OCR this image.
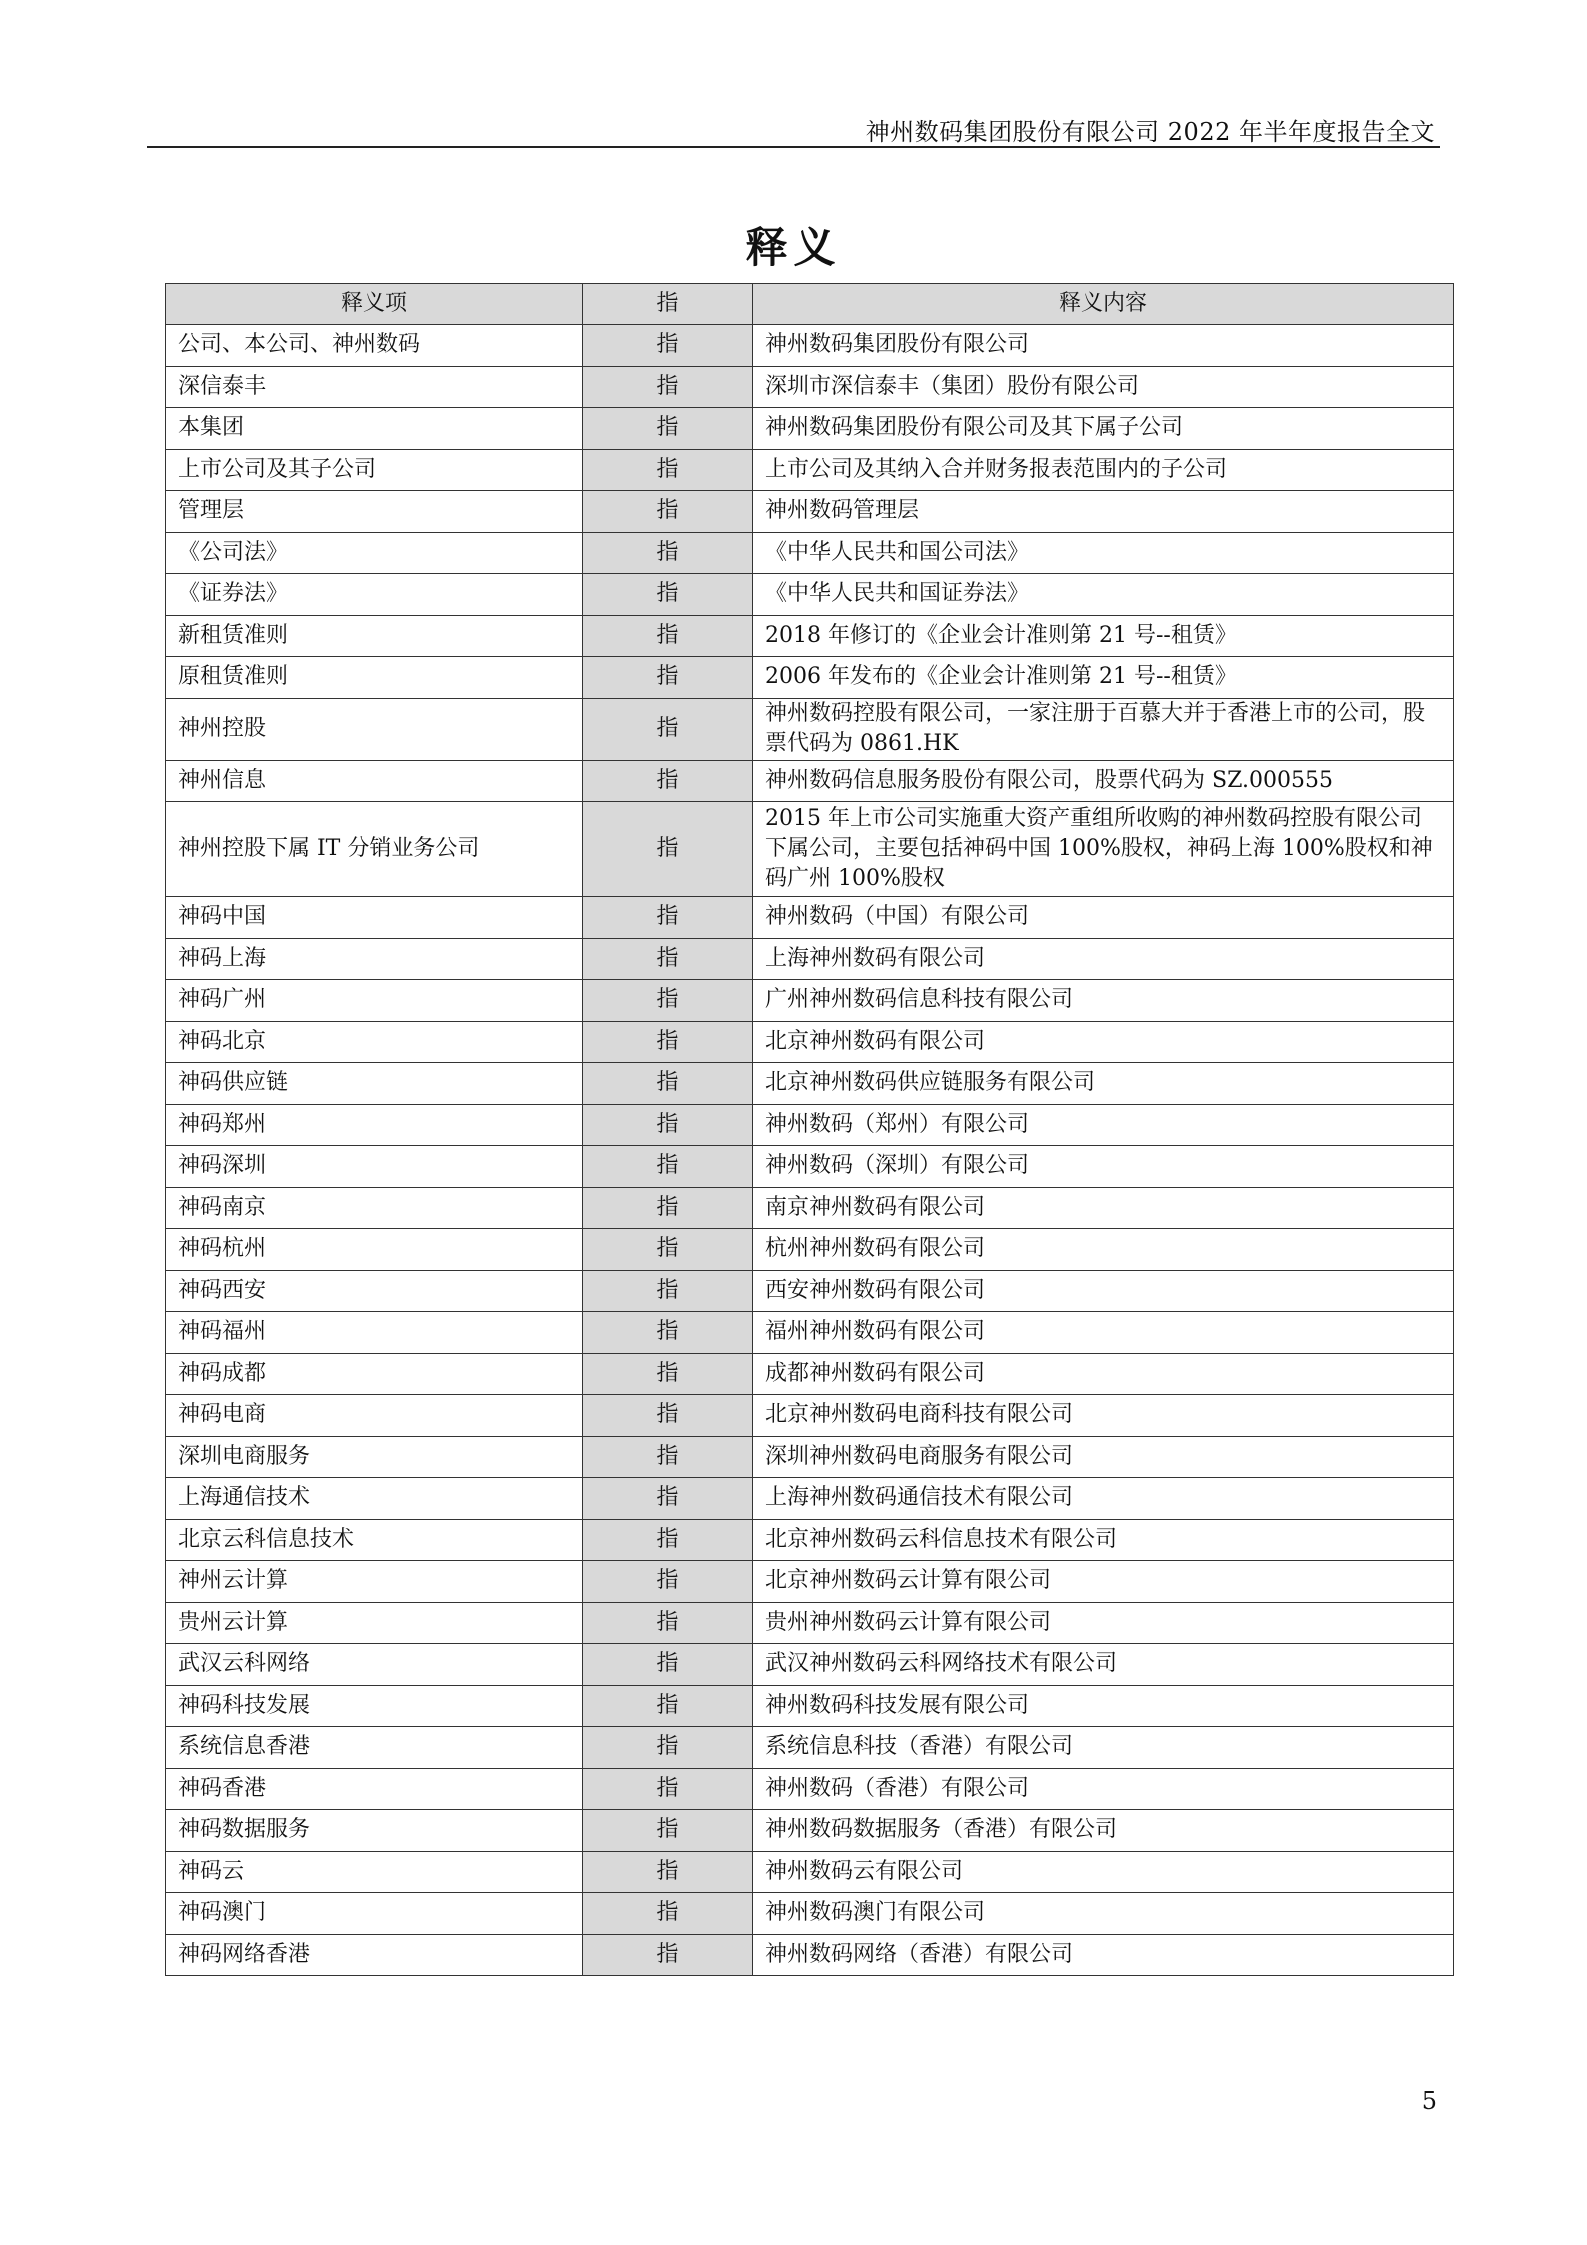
神州数码集团股份有限公司 2022 年半年度报告全文
释义
释义项	指	释义内容
公司、本公司、神州数码	指	神州数码集团股份有限公司
深信泰丰	指	深圳市深信泰丰（集团）股份有限公司
本集团	指	神州数码集团股份有限公司及其下属子公司
上市公司及其子公司	指	上市公司及其纳入合并财务报表范围内的子公司
管理层	指	神州数码管理层
《公司法》	指	《中华人民共和国公司法》
《证券法》	指	《中华人民共和国证券法》
新租赁准则	指	2018 年修订的《企业会计准则第 21 号--租赁》
原租赁准则	指	2006 年发布的《企业会计准则第 21 号--租赁》
神州控股	指	神州数码控股有限公司，一家注册于百慕大并于香港上市的公司，股票代码为 0861.HK
神州信息	指	神州数码信息服务股份有限公司，股票代码为 SZ.000555
神州控股下属 IT 分销业务公司	指	2015 年上市公司实施重大资产重组所收购的神州数码控股有限公司下属公司，主要包括神码中国 100%股权，神码上海 100%股权和神码广州 100%股权
神码中国	指	神州数码（中国）有限公司
神码上海	指	上海神州数码有限公司
神码广州	指	广州神州数码信息科技有限公司
神码北京	指	北京神州数码有限公司
神码供应链	指	北京神州数码供应链服务有限公司
神码郑州	指	神州数码（郑州）有限公司
神码深圳	指	神州数码（深圳）有限公司
神码南京	指	南京神州数码有限公司
神码杭州	指	杭州神州数码有限公司
神码西安	指	西安神州数码有限公司
神码福州	指	福州神州数码有限公司
神码成都	指	成都神州数码有限公司
神码电商	指	北京神州数码电商科技有限公司
深圳电商服务	指	深圳神州数码电商服务有限公司
上海通信技术	指	上海神州数码通信技术有限公司
北京云科信息技术	指	北京神州数码云科信息技术有限公司
神州云计算	指	北京神州数码云计算有限公司
贵州云计算	指	贵州神州数码云计算有限公司
武汉云科网络	指	武汉神州数码云科网络技术有限公司
神码科技发展	指	神州数码科技发展有限公司
系统信息香港	指	系统信息科技（香港）有限公司
神码香港	指	神州数码（香港）有限公司
神码数据服务	指	神州数码数据服务（香港）有限公司
神码云	指	神州数码云有限公司
神码澳门	指	神州数码澳门有限公司
神码网络香港	指	神州数码网络（香港）有限公司
5
